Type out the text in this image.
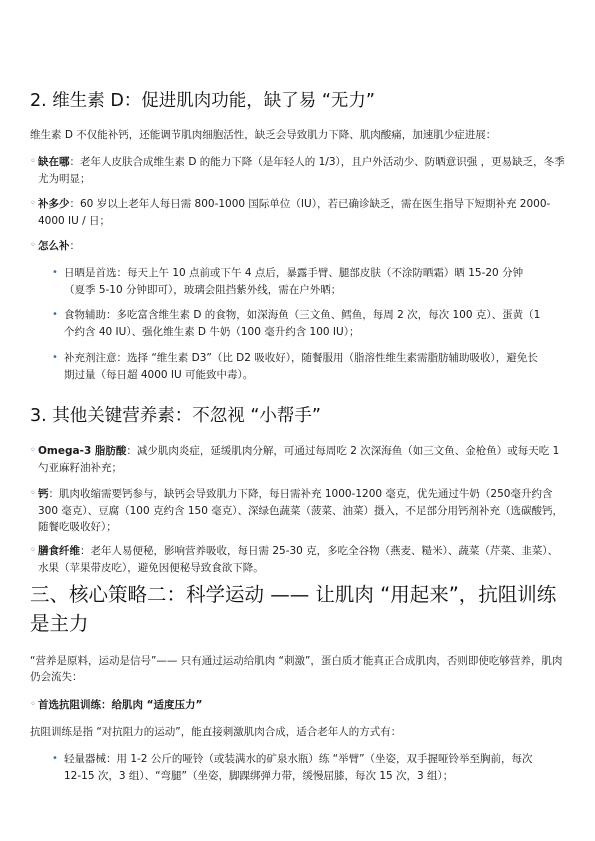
2. 维生素 D：促进肌肉功能，缺了易 “无力”
维生素 D 不仅能补钙，还能调节肌肉细胞活性，缺乏会导致肌力下降、肌肉酸痛，加速肌少症进展：
◦ 缺在哪：老年人皮肤合成维生素 D 的能力下降（是年轻人的 1/3），且户外活动少、防晒意识强 ，更易缺乏，冬季尤为明显；
◦ 补多少：60 岁以上老年人每日需 800-1000 国际单位（IU），若已确诊缺乏，需在医生指导下短期补充 2000-4000 IU / 日；
◦ 怎么补：
• 日晒是首选：每天上午 10 点前或下午 4 点后，暴露手臂、腿部皮肤（不涂防晒霜）晒 15-20 分钟（夏季 5-10 分钟即可），玻璃会阻挡紫外线，需在户外晒；
• 食物辅助：多吃富含维生素 D 的食物，如深海鱼（三文鱼、鳕鱼，每周 2 次，每次 100 克）、蛋黄（1 个约含 40 IU）、强化维生素 D 牛奶（100 毫升约含 100 IU）；
• 补充剂注意：选择 “维生素 D3”（比 D2 吸收好），随餐服用（脂溶性维生素需脂肪辅助吸收），避免长期过量（每日超 4000 IU 可能致中毒）。
3. 其他关键营养素：不忽视 “小帮手”
◦ Omega-3 脂肪酸：减少肌肉炎症，延缓肌肉分解，可通过每周吃 2 次深海鱼（如三文鱼、金枪鱼）或每天吃 1 勺亚麻籽油补充；
◦ 钙：肌肉收缩需要钙参与，缺钙会导致肌力下降，每日需补充 1000-1200 毫克，优先通过牛奶（250毫升约含 300 毫克）、豆腐（100 克约含 150 毫克）、深绿色蔬菜（菠菜、油菜）摄入，不足部分用钙剂补充（选碳酸钙，随餐吃吸收好）；
◦ 膳食纤维：老年人易便秘，影响营养吸收，每日需 25-30 克，多吃全谷物（燕麦、糙米）、蔬菜（芹菜、韭菜）、水果（苹果带皮吃），避免因便秘导致食欲下降。
三、核心策略二：科学运动 —— 让肌肉 “用起来”，抗阻训练是主力
“营养是原料，运动是信号”—— 只有通过运动给肌肉 “刺激”，蛋白质才能真正合成肌肉，否则即使吃够营养，肌肉仍会流失：
◦ 首选抗阻训练：给肌肉 “适度压力”
抗阻训练是指 “对抗阻力的运动”，能直接刺激肌肉合成，适合老年人的方式有：
• 轻量器械：用 1-2 公斤的哑铃（或装满水的矿泉水瓶）练 “举臂”（坐姿，双手握哑铃举至胸前，每次 12-15 次，3 组）、“弯腿”（坐姿，脚踝绑弹力带，缓慢屈膝，每次 15 次，3 组）；
